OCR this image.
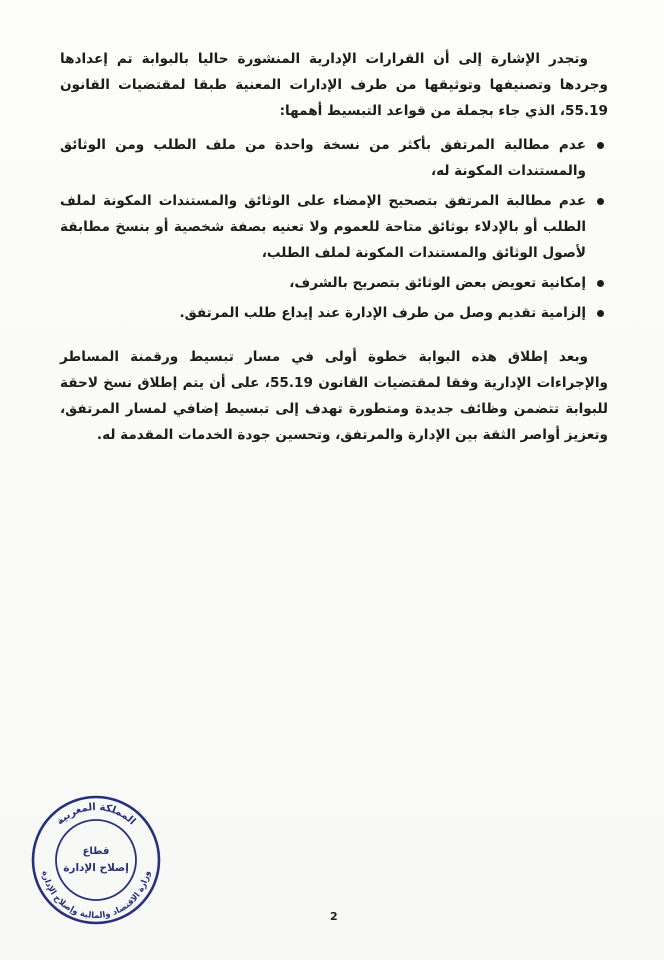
وتجدر الإشارة إلى أن القرارات الإدارية المنشورة حاليا بالبوابة تم إعدادها وجردها وتصنيفها وتوثيقها من طرف الإدارات المعنية طبقا لمقتضيات القانون 55.19، الذي جاء بجملة من قواعد التبسيط أهمها:

عدم مطالبة المرتفق بأكثر من نسخة واحدة من ملف الطلب ومن الوثائق والمستندات المكونة له،
عدم مطالبة المرتفق بتصحيح الإمضاء على الوثائق والمستندات المكونة لملف الطلب أو بالإدلاء بوثائق متاحة للعموم ولا تعنيه بصفة شخصية أو بنسخ مطابقة لأصول الوثائق والمستندات المكونة لملف الطلب،
إمكانية تعويض بعض الوثائق بتصريح بالشرف،
إلزامية تقديم وصل من طرف الإدارة عند إيداع طلب المرتفق.

وبعد إطلاق هذه البوابة خطوة أولى في مسار تبسيط ورقمنة المساطر والإجراءات الإدارية وفقا لمقتضيات القانون 55.19، على أن يتم إطلاق نسخ لاحقة للبوابة تتضمن وظائف جديدة ومتطورة تهدف إلى تبسيط إضافي لمسار المرتفق، وتعزيز أواصر الثقة بين الإدارة والمرتفق، وتحسين جودة الخدمات المقدمة له.

المملكة المغربية
وزارة الاقتصاد والمالية وإصلاح الإدارة
قطاع
إصلاح الإدارة
2
